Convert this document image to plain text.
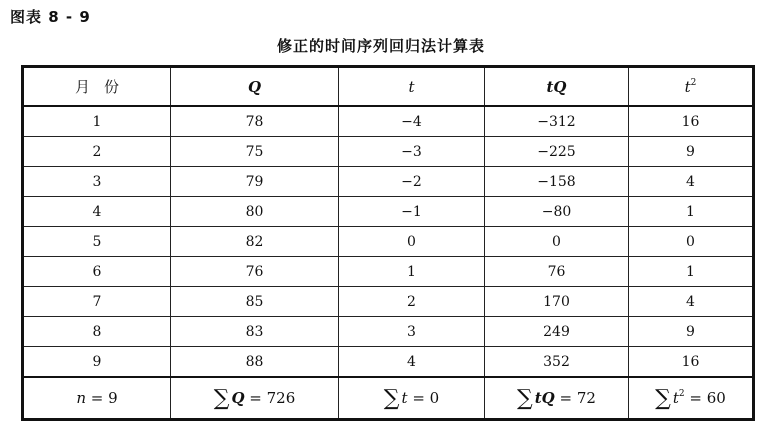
图表 8 - 9
修正的时间序列回归法计算表
月份	Q	t	tQ	$t^2$
1	78	−4	−312	16
2	75	−3	−225	9
3	79	−2	−158	4
4	80	−1	−80	1
5	82	0	0	0
6	76	1	76	1
7	85	2	170	4
8	83	3	249	9
9	88	4	352	16
n = 9	∑ Q = 726	∑ t = 0	∑ tQ = 72	∑ $t^2 = 60$
